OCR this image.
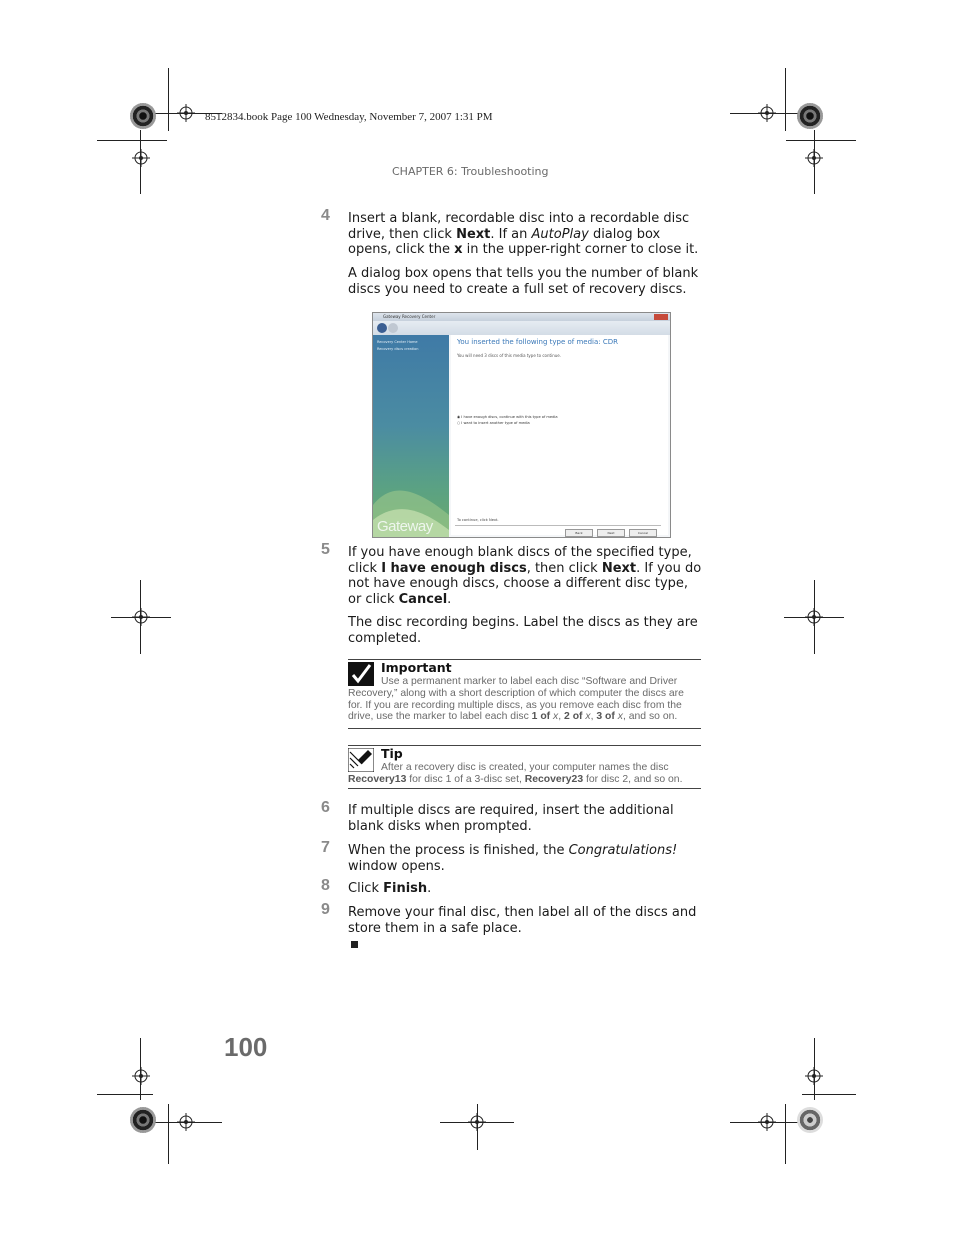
8512834.book Page 100 Wednesday, November 7, 2007 1:31 PM
CHAPTER 6: Troubleshooting
4 Insert a blank, recordable disc into a recordable disc drive, then click Next. If an AutoPlay dialog box opens, click the x in the upper-right corner to close it.
A dialog box opens that tells you the number of blank discs you need to create a full set of recovery discs.
Gateway Recovery Center
Recovery Center Home
Recovery discs creation
Gateway
You inserted the following type of media: CDR
You will need 3 discs of this media type to continue.
◉ I have enough discs, continue with this type of media
○ I want to insert another type of media
To continue, click Next.
Back	Next	Cancel
5 If you have enough blank discs of the specified type, click I have enough discs, then click Next. If you do not have enough discs, choose a different disc type, or click Cancel.
The disc recording begins. Label the discs as they are completed.
Important
Use a permanent marker to label each disc “Software and Driver
Recovery,” along with a short description of which computer the discs are
for. If you are recording multiple discs, as you remove each disc from the
drive, use the marker to label each disc 1 of x, 2 of x, 3 of x, and so on.
Tip
After a recovery disc is created, your computer names the disc
Recovery13 for disc 1 of a 3-disc set, Recovery23 for disc 2, and so on.
6 If multiple discs are required, insert the additional blank disks when prompted.
7 When the process is finished, the Congratulations! window opens.
8 Click Finish.
9 Remove your final disc, then label all of the discs and store them in a safe place.
100
